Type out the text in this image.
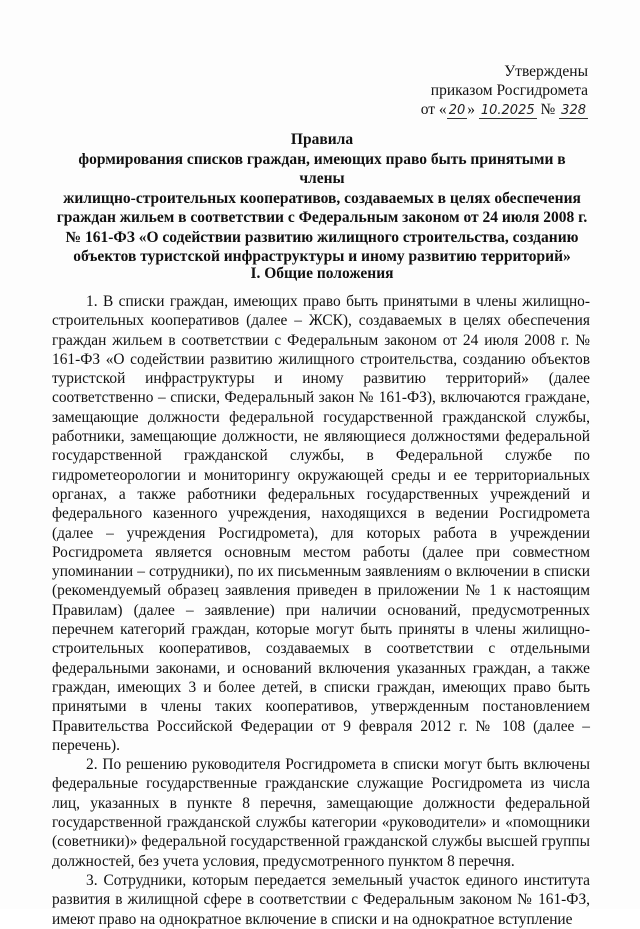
Утверждены
приказом Росгидромета
от « 20 » 10.2025 № 328
Правила
формирования списков граждан, имеющих право быть принятыми в члены
жилищно-строительных кооперативов, создаваемых в целях обеспечения
граждан жильем в соответствии с Федеральным законом от 24 июля 2008 г.
№ 161-ФЗ «О содействии развитию жилищного строительства, созданию
объектов туристской инфраструктуры и иному развитию территорий»
I. Общие положения

1. В списки граждан, имеющих право быть принятыми в члены жилищно-строительных кооперативов (далее – ЖСК), создаваемых в целях обеспечения граждан жильем в соответствии с Федеральным законом от 24 июля 2008 г. № 161-ФЗ «О содействии развитию жилищного строительства, созданию объектов туристской инфраструктуры и иному развитию территорий» (далее соответственно – списки, Федеральный закон № 161-ФЗ), включаются граждане, замещающие должности федеральной государственной гражданской службы, работники, замещающие должности, не являющиеся должностями федеральной государственной гражданской службы, в Федеральной службе по гидрометеорологии и мониторингу окружающей среды и ее территориальных органах, а также работники федеральных государственных учреждений и федерального казенного учреждения, находящихся в ведении Росгидромета (далее – учреждения Росгидромета), для которых работа в учреждении Росгидромета является основным местом работы (далее при совместном упоминании – сотрудники), по их письменным заявлениям о включении в списки (рекомендуемый образец заявления приведен в приложении № 1 к настоящим Правилам) (далее – заявление) при наличии оснований, предусмотренных перечнем категорий граждан, которые могут быть приняты в члены жилищно-строительных кооперативов, создаваемых в соответствии с отдельными федеральными законами, и оснований включения указанных граждан, а также граждан, имеющих 3 и более детей, в списки граждан, имеющих право быть принятыми в члены таких кооперативов, утвержденным постановлением Правительства Российской Федерации от 9 февраля 2012 г. № 108 (далее – перечень).

2. По решению руководителя Росгидромета в списки могут быть включены федеральные государственные гражданские служащие Росгидромета из числа лиц, указанных в пункте 8 перечня, замещающие должности федеральной государственной гражданской службы категории «руководители» и «помощники (советники)» федеральной государственной гражданской службы высшей группы должностей, без учета условия, предусмотренного пунктом 8 перечня.

3. Сотрудники, которым передается земельный участок единого института развития в жилищной сфере в соответствии с Федеральным законом № 161-ФЗ, имеют право на однократное включение в списки и на однократное вступление
